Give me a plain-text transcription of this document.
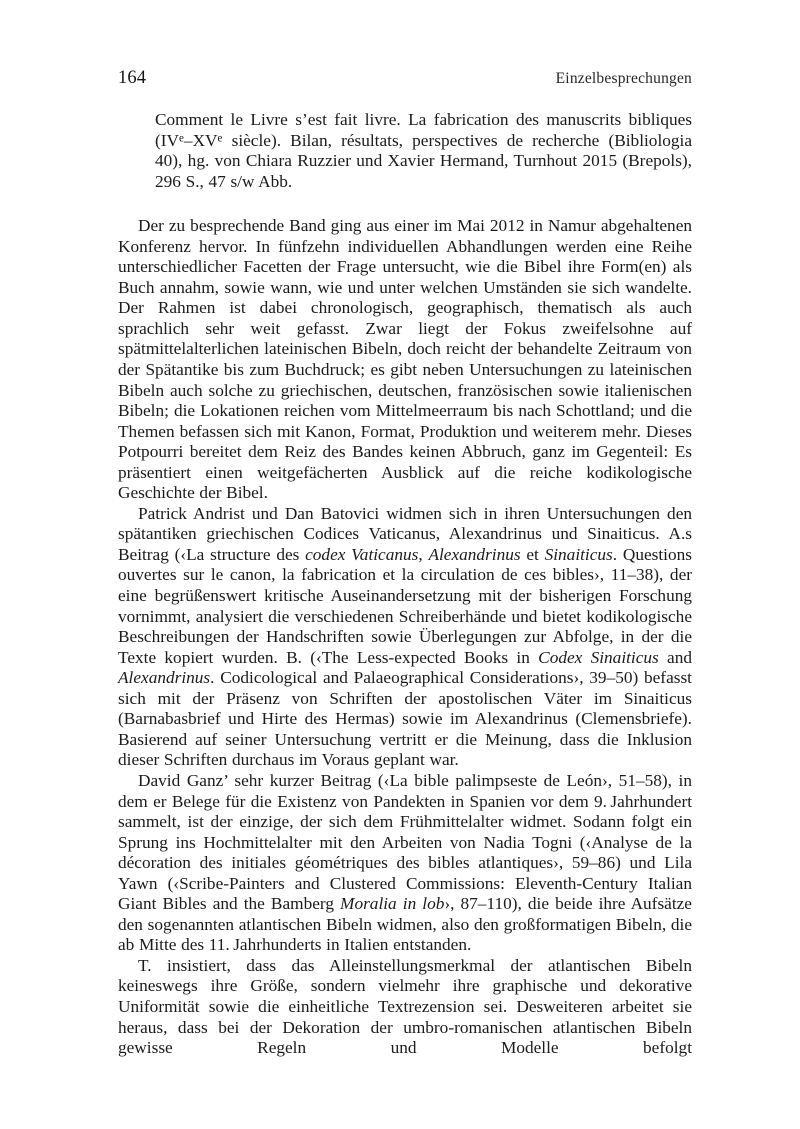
164	Einzelbesprechungen

Comment le Livre s’est fait livre. La fabrication des manuscrits bibliques (IVe–XVe siècle). Bilan, résultats, perspectives de recherche (Bibliologia 40), hg. von Chiara Ruzzier und Xavier Hermand, Turnhout 2015 (Brepols), 296 S., 47 s/w Abb.

Der zu besprechende Band ging aus einer im Mai 2012 in Namur abgehaltenen Konferenz hervor. In fünfzehn individuellen Abhandlungen werden eine Reihe unterschiedlicher Facetten der Frage untersucht, wie die Bibel ihre Form(en) als Buch annahm, sowie wann, wie und unter welchen Umständen sie sich wandelte. Der Rahmen ist dabei chronologisch, geographisch, thematisch als auch sprachlich sehr weit gefasst. Zwar liegt der Fokus zweifelsohne auf spätmittelalterlichen lateinischen Bibeln, doch reicht der behandelte Zeitraum von der Spätantike bis zum Buchdruck; es gibt neben Untersuchungen zu lateinischen Bibeln auch solche zu griechischen, deutschen, französischen sowie italienischen Bibeln; die Lokationen reichen vom Mittelmeerraum bis nach Schottland; und die Themen befassen sich mit Kanon, Format, Produktion und weiterem mehr. Dieses Potpourri bereitet dem Reiz des Bandes keinen Abbruch, ganz im Gegenteil: Es präsentiert einen weitgefächerten Ausblick auf die reiche kodikologische Geschichte der Bibel.

Patrick Andrist und Dan Batovici widmen sich in ihren Untersuchungen den spätantiken griechischen Codices Vaticanus, Alexandrinus und Sinaiticus. A.s Beitrag (‹La structure des codex Vaticanus, Alexandrinus et Sinaiticus. Questions ouvertes sur le canon, la fabrication et la circulation de ces bibles›, 11–38), der eine begrüßenswert kritische Auseinandersetzung mit der bisherigen Forschung vornimmt, analysiert die verschiedenen Schreiberhände und bietet kodikologische Beschreibungen der Handschriften sowie Überlegungen zur Abfolge, in der die Texte kopiert wurden. B. (‹The Less-expected Books in Codex Sinaiticus and Alexandrinus. Codicological and Palaeographical Considerations›, 39–50) befasst sich mit der Präsenz von Schriften der apostolischen Väter im Sinaiticus (Barnabasbrief und Hirte des Hermas) sowie im Alexandrinus (Clemensbriefe). Basierend auf seiner Untersuchung vertritt er die Meinung, dass die Inklusion dieser Schriften durchaus im Voraus geplant war.

David Ganz’ sehr kurzer Beitrag (‹La bible palimpseste de León›, 51–58), in dem er Belege für die Existenz von Pandekten in Spanien vor dem 9. Jahrhundert sammelt, ist der einzige, der sich dem Frühmittelalter widmet. Sodann folgt ein Sprung ins Hochmittelalter mit den Arbeiten von Nadia Togni (‹Analyse de la décoration des initiales géométriques des bibles atlantiques›, 59–86) und Lila Yawn (‹Scribe-Painters and Clustered Commissions: Eleventh-Century Italian Giant Bibles and the Bamberg Moralia in lob›, 87–110), die beide ihre Aufsätze den sogenannten atlantischen Bibeln widmen, also den großformatigen Bibeln, die ab Mitte des 11. Jahrhunderts in Italien entstanden.

T. insistiert, dass das Alleinstellungsmerkmal der atlantischen Bibeln keineswegs ihre Größe, sondern vielmehr ihre graphische und dekorative Uniformität sowie die einheitliche Textrezension sei. Desweiteren arbeitet sie heraus, dass bei der Dekoration der umbro-romanischen atlantischen Bibeln gewisse Regeln und Modelle befolgt
